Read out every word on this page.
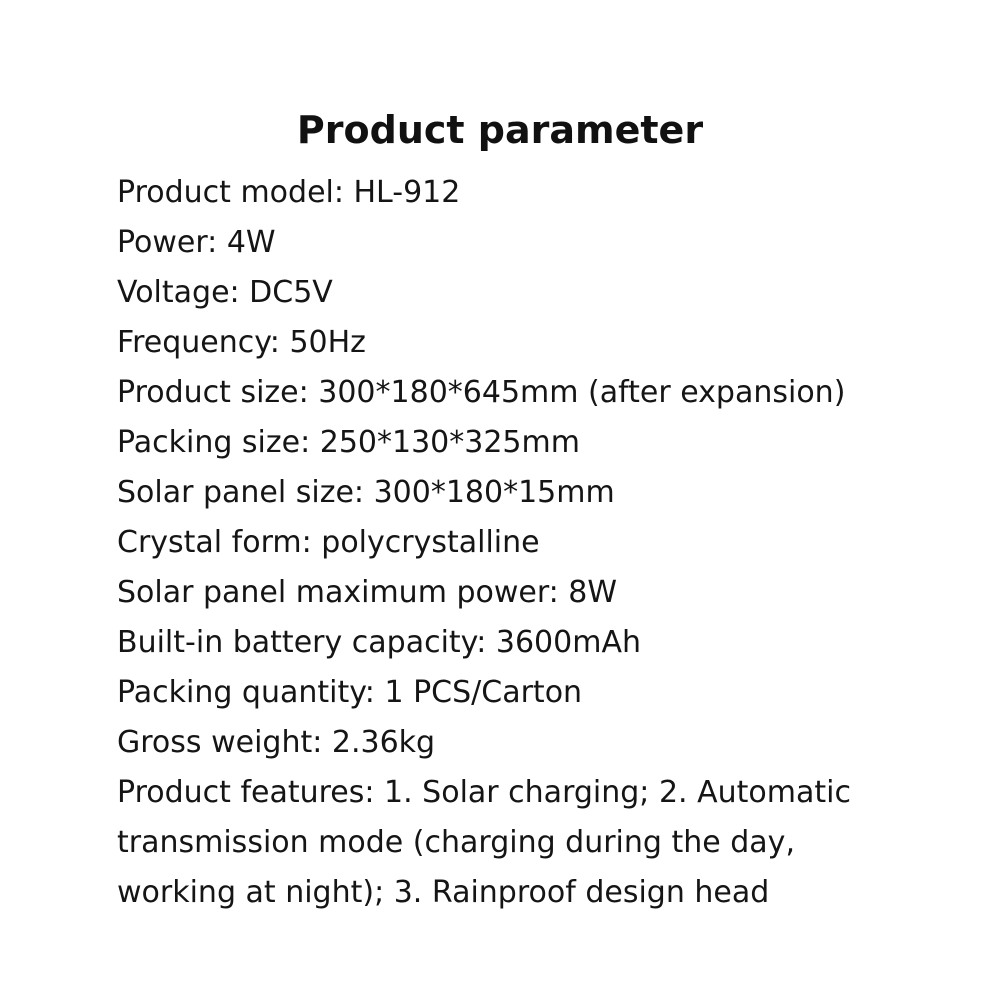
Product parameter
Product model: HL-912
Power: 4W
Voltage: DC5V
Frequency: 50Hz
Product size: 300*180*645mm (after expansion)
Packing size: 250*130*325mm
Solar panel size: 300*180*15mm
Crystal form: polycrystalline
Solar panel maximum power: 8W
Built-in battery capacity: 3600mAh
Packing quantity: 1 PCS/Carton
Gross weight: 2.36kg
Product features: 1. Solar charging; 2. Automatic
transmission mode (charging during the day,
working at night); 3. Rainproof design head
